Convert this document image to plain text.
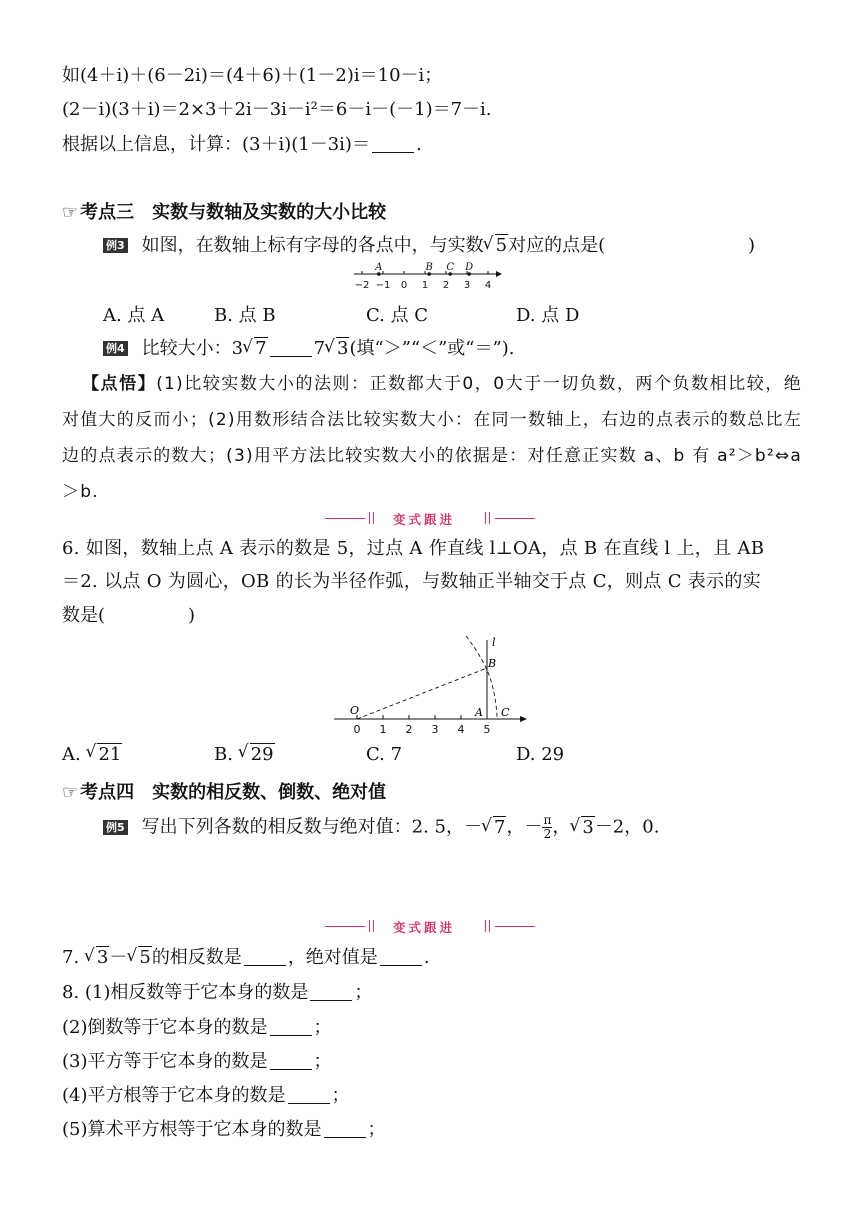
如(4＋i)＋(6－2i)＝(4＋6)＋(1－2)i＝10－i；
(2－i)(3＋i)＝2×3＋2i－3i－i²＝6－i－(－1)＝7－i.
根据以上信息，计算：(3＋i)(1－3i)＝	.
☞ 考点三　实数与数轴及实数的大小比较
例3 如图，在数轴上标有字母的各点中，与实数 √ 5对应的点是(	)
−2 −1 0 1 2 3 4
A	B C D
A. 点 A	B. 点 B	C. 点 C	D. 点 D
例4 比较大小：3 √ 7	7 √ 3(填“＞”“＜”或“＝”).
【点悟】(1)比较实数大小的法则：正数都大于0，0大于一切负数，两个负数相比较，绝对值大的反而小；(2)用数形结合法比较实数大小：在同一数轴上，右边的点表示的数总比左边的点表示的数大；(3)用平方法比较实数大小的依据是：对任意正实数 a、b 有 a²＞b²⇔a＞b.
变式跟进
6. 如图，数轴上点 A 表示的数是 5，过点 A 作直线 l⊥OA，点 B 在直线 l 上，且 AB
＝2. 以点 O 为圆心，OB 的长为半径作弧，与数轴正半轴交于点 C，则点 C 表示的实
数是(	)
0 1 2 3 4 5
l
B
O	A C
A. √ 21	B. √ 29	C. 7	D. 29
☞ 考点四　实数的相反数、倒数、绝对值
例5 写出下列各数的相反数与绝对值：2. 5，－ √ 7，－ $\frac{\pi}{2}$， √ 3－2，0.
变式跟进
7. √ 3－ √ 5的相反数是	，绝对值是	.
8. (1)相反数等于它本身的数是	；
(2)倒数等于它本身的数是	；
(3)平方等于它本身的数是	；
(4)平方根等于它本身的数是	；
(5)算术平方根等于它本身的数是	；
